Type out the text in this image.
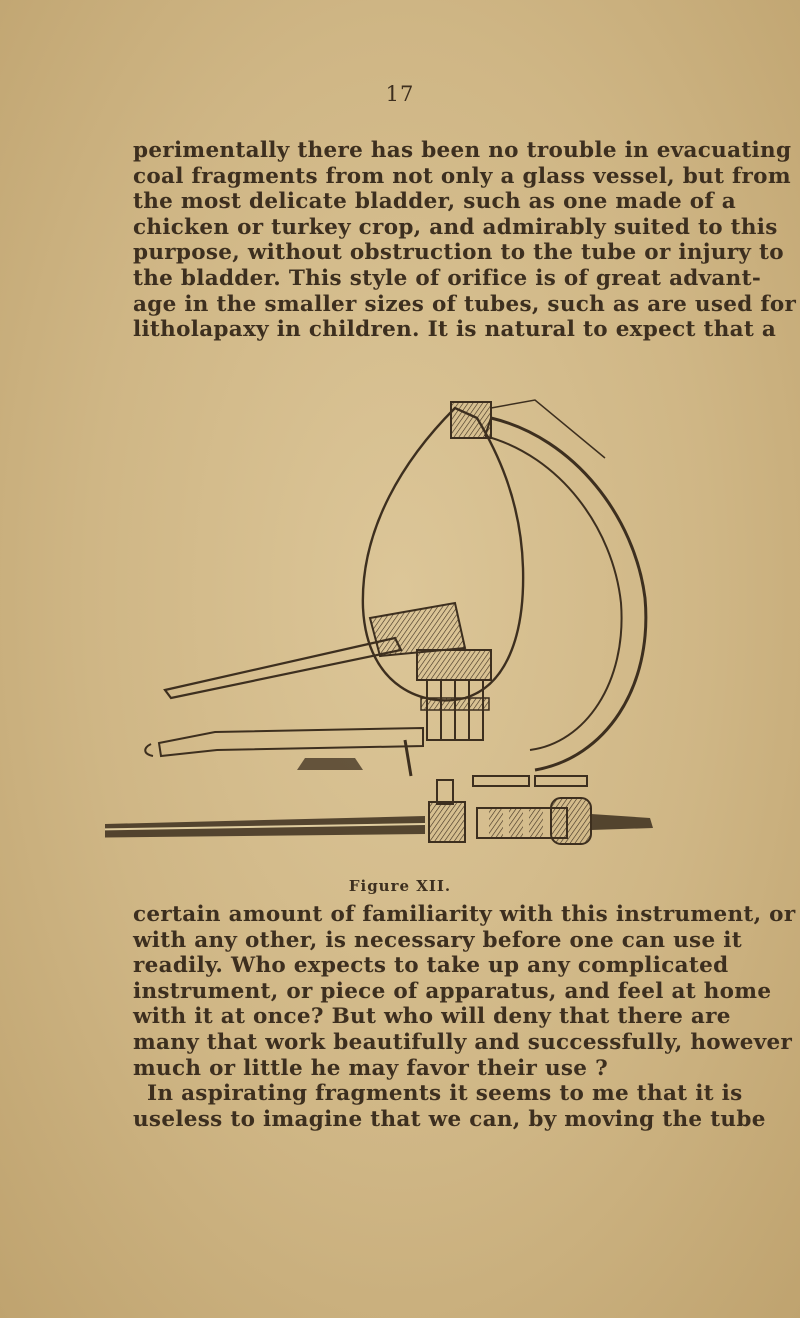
17

perimentally there has been no trouble in evacuating
coal fragments from not only a glass vessel, but from
the most delicate bladder, such as one made of a
chicken or turkey crop, and admirably suited to this
purpose, without obstruction to the tube or injury to
the bladder. This style of orifice is of great advant-
age in the smaller sizes of tubes, such as are used for
litholapaxy in children. It is natural to expect that a

Figure XII.

certain amount of familiarity with this instrument, or
with any other, is necessary before one can use it
readily. Who expects to take up any complicated
instrument, or piece of apparatus, and feel at home
with it at once? But who will deny that there are
many that work beautifully and successfully, however
much or little he may favor their use ?
In aspirating fragments it seems to me that it is
useless to imagine that we can, by moving the tube
